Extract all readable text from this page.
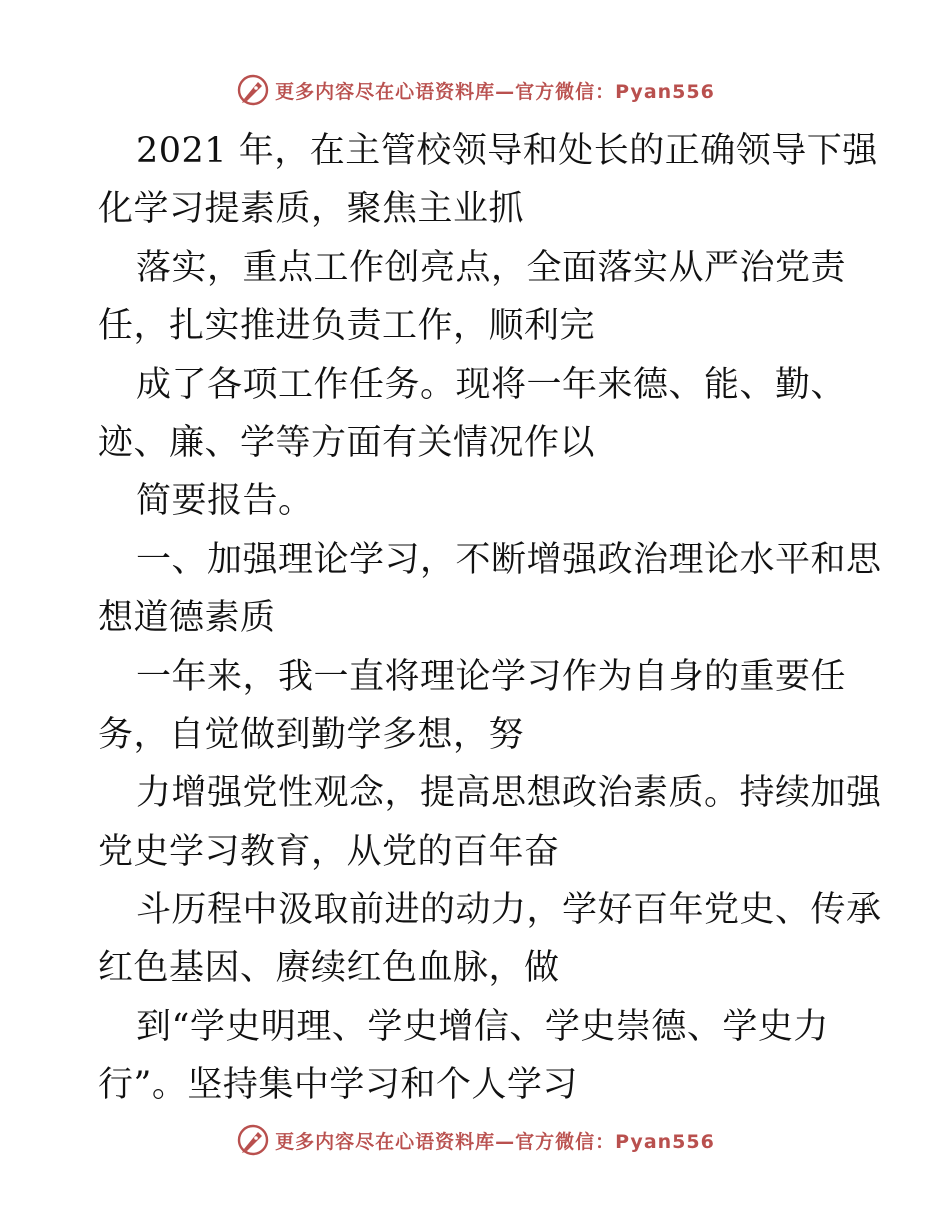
更多内容尽在心语资料库—官方微信：Pyan556
2021 年，在主管校领导和处长的正确领导下强
化学习提素质，聚焦主业抓
落实，重点工作创亮点，全面落实从严治党责
任，扎实推进负责工作，顺利完
成了各项工作任务。现将一年来德、能、勤、
迹、廉、学等方面有关情况作以
简要报告。
一、加强理论学习，不断增强政治理论水平和思
想道德素质
一年来，我一直将理论学习作为自身的重要任
务，自觉做到勤学多想，努
力增强党性观念，提高思想政治素质。持续加强
党史学习教育，从党的百年奋
斗历程中汲取前进的动力，学好百年党史、传承
红色基因、赓续红色血脉，做
到“学史明理、学史增信、学史崇德、学史力
行”。坚持集中学习和个人学习
更多内容尽在心语资料库—官方微信：Pyan556
